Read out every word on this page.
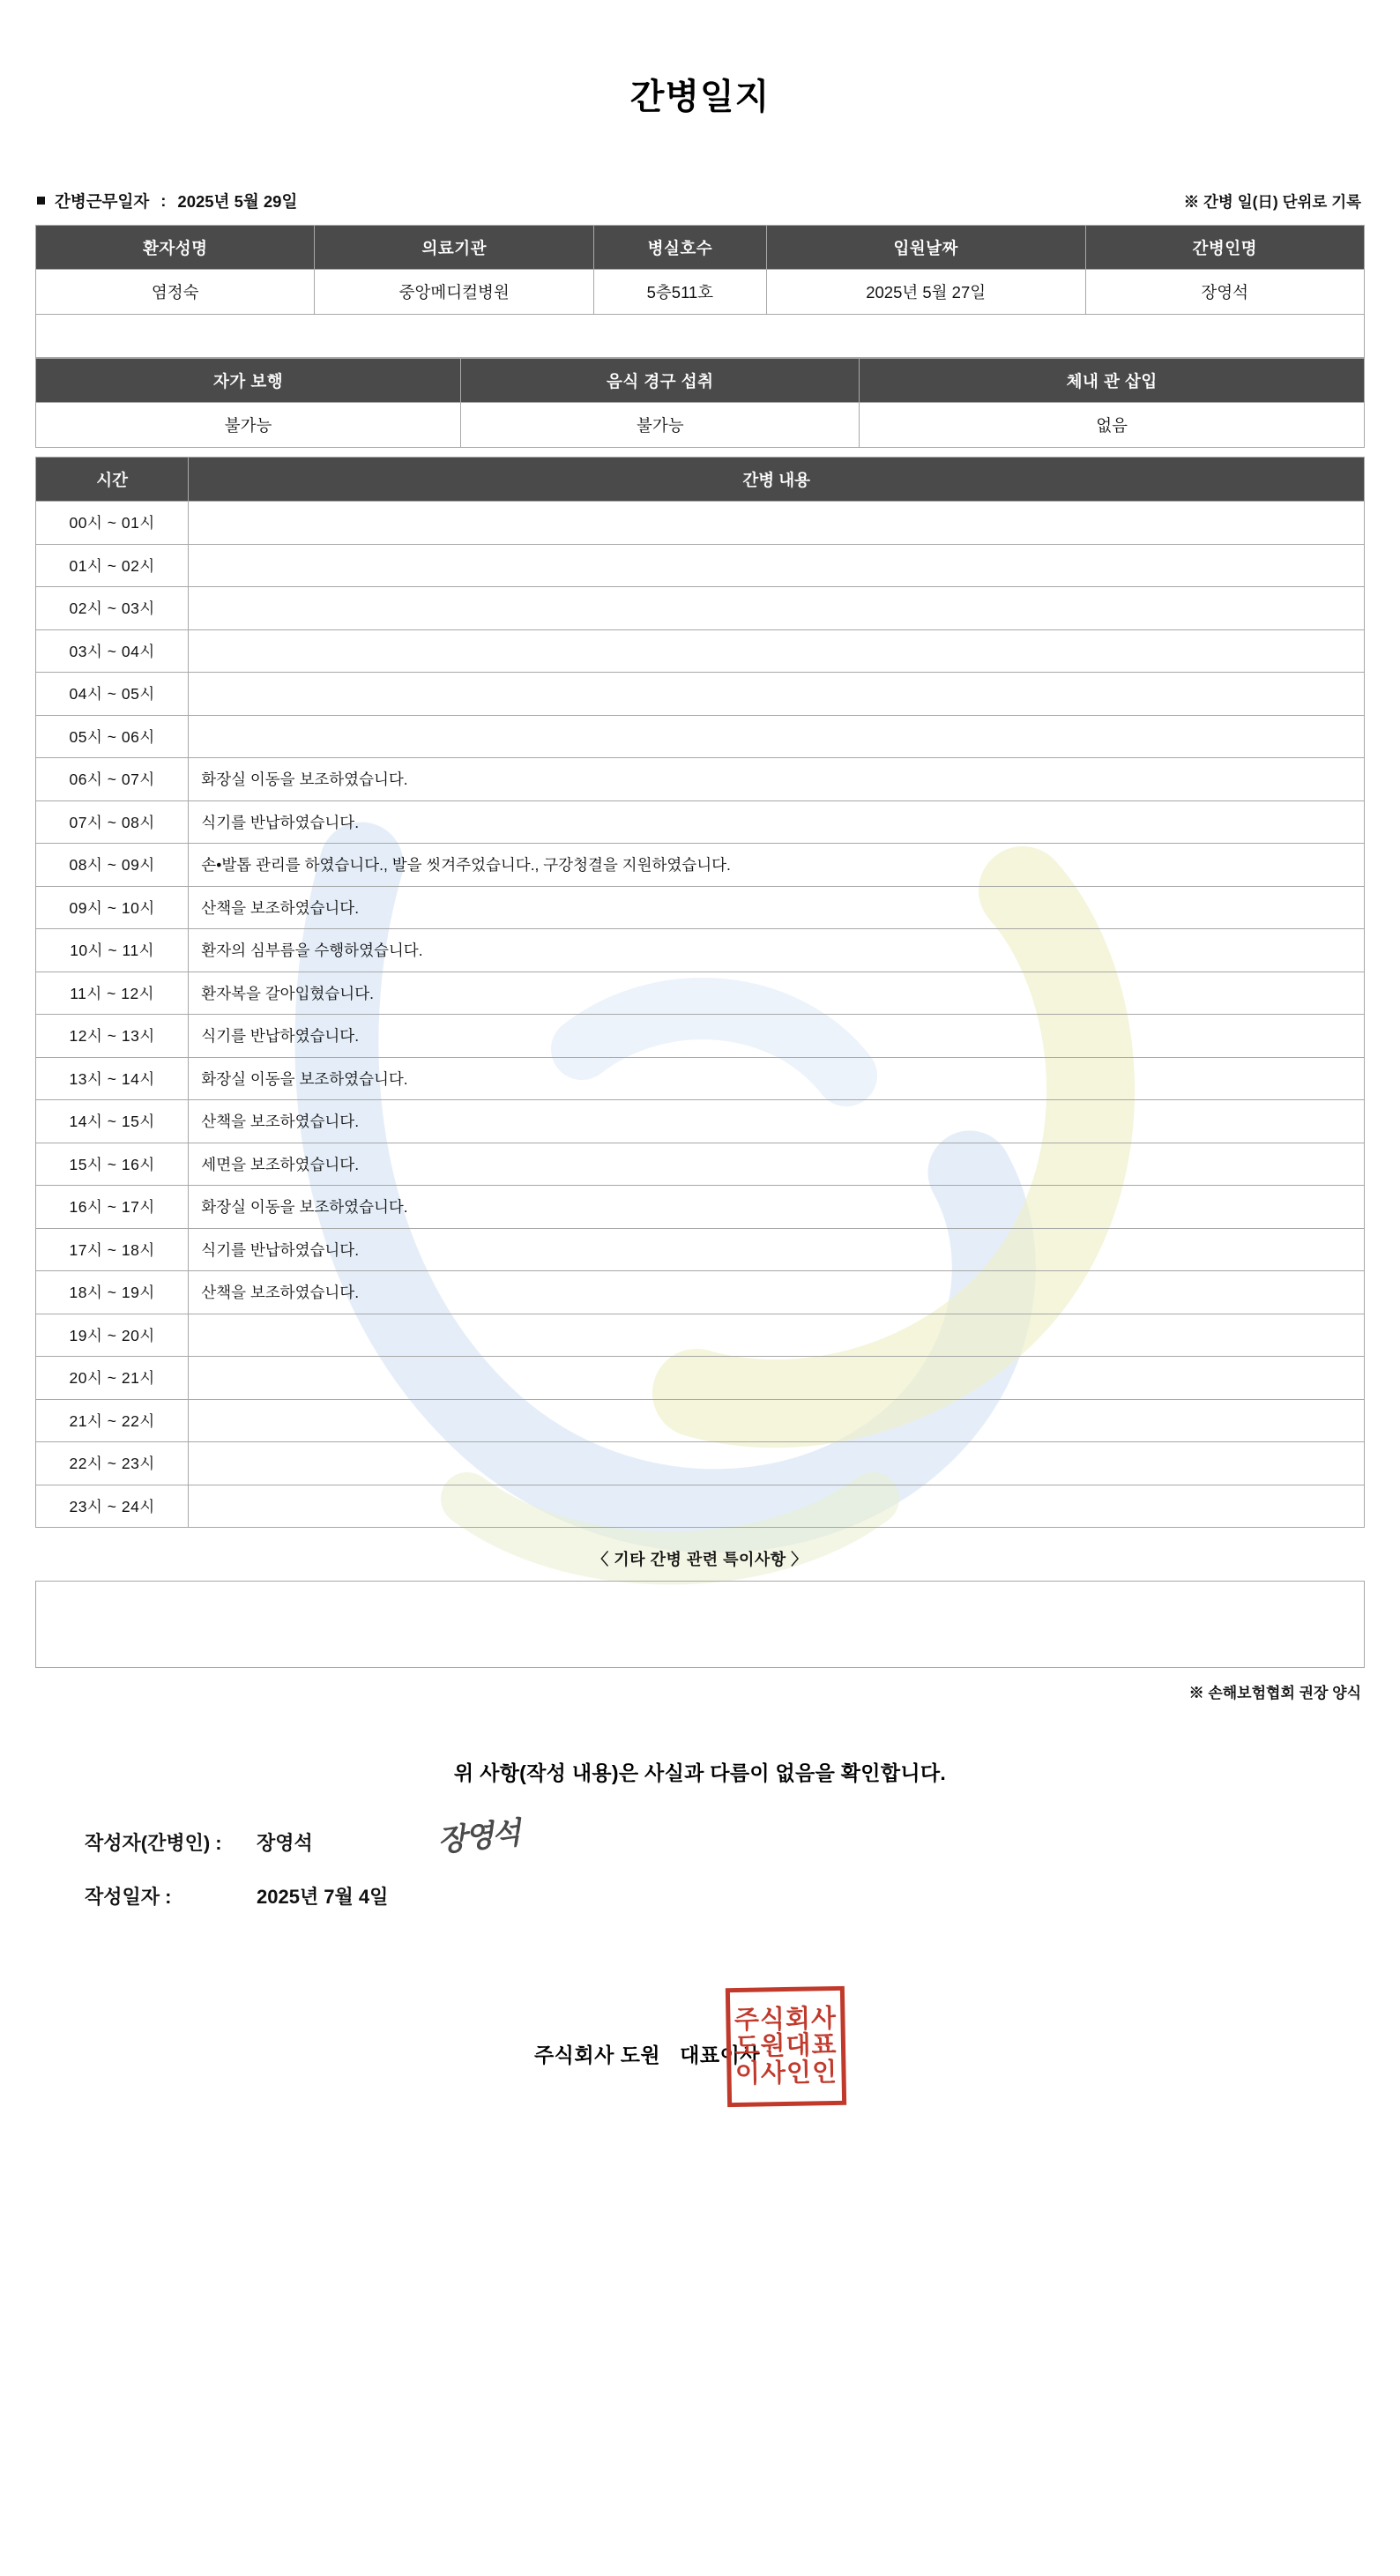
간병일지
간병근무일자 : 2025년 5월 29일	※ 간병 일(日) 단위로 기록
환자성명	의료기관	병실호수	입원날짜	간병인명
염정숙	중앙메디컬병원	5층511호	2025년 5월 27일	장영석

자가 보행	음식 경구 섭취	체내 관 삽입
불가능	불가능	없음
시간	간병 내용
00시 ~ 01시	
01시 ~ 02시	
02시 ~ 03시	
03시 ~ 04시	
04시 ~ 05시	
05시 ~ 06시	
06시 ~ 07시	화장실 이동을 보조하였습니다.
07시 ~ 08시	식기를 반납하였습니다.
08시 ~ 09시	손•발톱 관리를 하였습니다., 발을 씻겨주었습니다., 구강청결을 지원하였습니다.
09시 ~ 10시	산책을 보조하였습니다.
10시 ~ 11시	환자의 심부름을 수행하였습니다.
11시 ~ 12시	환자복을 갈아입혔습니다.
12시 ~ 13시	식기를 반납하였습니다.
13시 ~ 14시	화장실 이동을 보조하였습니다.
14시 ~ 15시	산책을 보조하였습니다.
15시 ~ 16시	세면을 보조하였습니다.
16시 ~ 17시	화장실 이동을 보조하였습니다.
17시 ~ 18시	식기를 반납하였습니다.
18시 ~ 19시	산책을 보조하였습니다.
19시 ~ 20시	
20시 ~ 21시	
21시 ~ 22시	
22시 ~ 23시	
23시 ~ 24시	
〈 기타 간병 관련 특이사항 〉
※ 손해보험협회 권장 양식
위 사항(작성 내용)은 사실과 다름이 없음을 확인합니다.
작성자(간병인) :	장영석	장영석
작성일자 :	2025년 7월 4일
주식회사 도원 대표이사
주식회사
도원대표
이사인인
